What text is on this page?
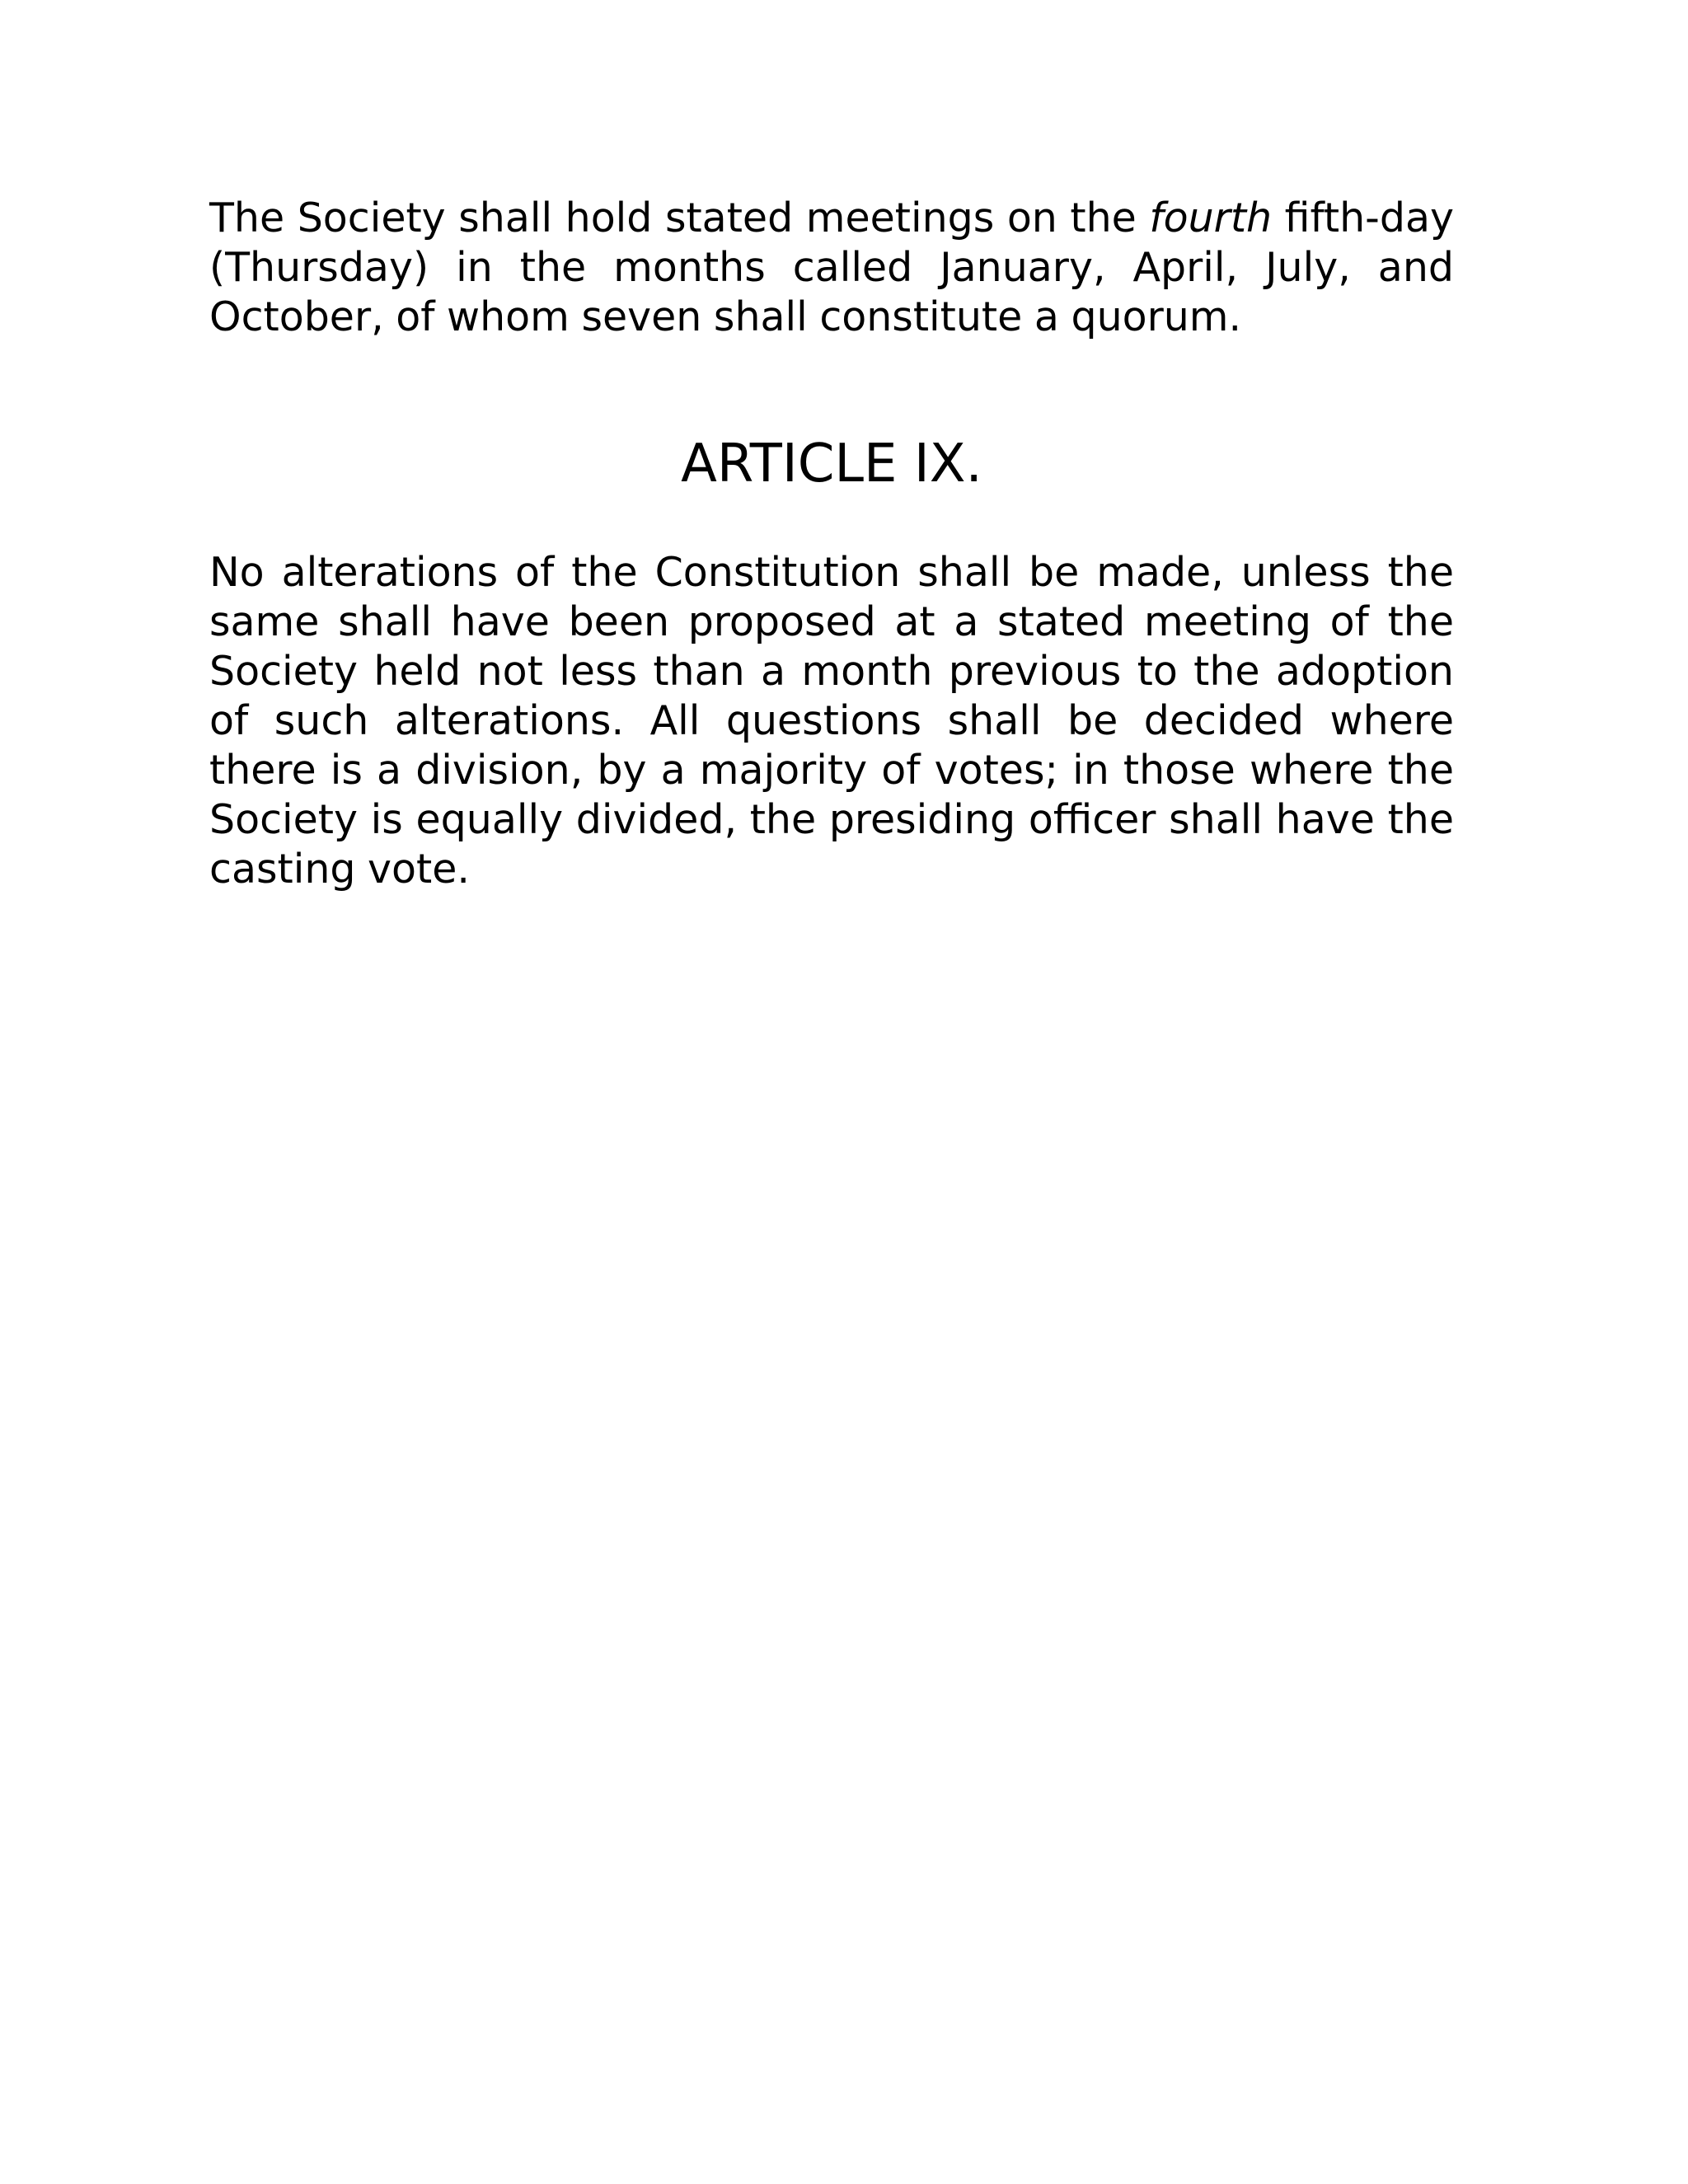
The Society shall hold stated meetings on the fourth fifth-day (Thursday) in the months called January, April, July, and October, of whom seven shall constitute a quorum.

ARTICLE IX.

No alterations of the Constitution shall be made, unless the same shall have been proposed at a stated meeting of the Society held not less than a month previous to the adoption of such alterations. All questions shall be decided where there is a division, by a majority of votes; in those where the Society is equally divided, the presiding officer shall have the casting vote.
